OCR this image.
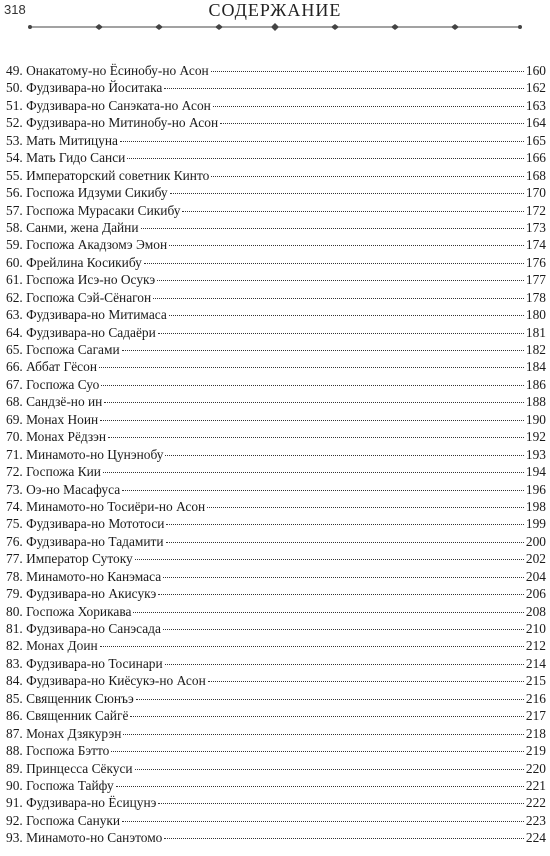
318	СОДЕРЖАНИЕ
49. Онакатому-но Ёсинобу-но Асон	160
50. Фудзивара-но Йоситака	162
51. Фудзивара-но Санэката-но Асон	163
52. Фудзивара-но Митинобу-но Асон	164
53. Мать Митицуна	165
54. Мать Гидо Санси	166
55. Императорский советник Кинто	168
56. Госпожа Идзуми Сикибу	170
57. Госпожа Мурасаки Сикибу	172
58. Санми, жена Дайни	173
59. Госпожа Акадзомэ Эмон	174
60. Фрейлина Косикибу	176
61. Госпожа Исэ-но Осукэ	177
62. Госпожа Сэй-Сёнагон	178
63. Фудзивара-но Митимаса	180
64. Фудзивара-но Садаёри	181
65. Госпожа Сагами	182
66. Аббат Гёсон	184
67. Госпожа Суо	186
68. Сандзё-но ин	188
69. Монах Ноин	190
70. Монах Рёдзэн	192
71. Минамото-но Цунэнобу	193
72. Госпожа Кии	194
73. Оэ-но Масафуса	196
74. Минамото-но Тосиёри-но Асон	198
75. Фудзивара-но Мототоси	199
76. Фудзивара-но Тадамити	200
77. Император Сутоку	202
78. Минамото-но Канэмаса	204
79. Фудзивара-но Акисукэ	206
80. Госпожа Хорикава	208
81. Фудзивара-но Санэсада	210
82. Монах Доин	212
83. Фудзивара-но Тосинари	214
84. Фудзивара-но Киёсукэ-но Асон	215
85. Священник Сюнъэ	216
86. Священник Сайгё	217
87. Монах Дзякурэн	218
88. Госпожа Бэтто	219
89. Принцесса Сёкуси	220
90. Госпожа Тайфу	221
91. Фудзивара-но Ёсицунэ	222
92. Госпожа Сануки	223
93. Минамото-но Санэтомо	224
